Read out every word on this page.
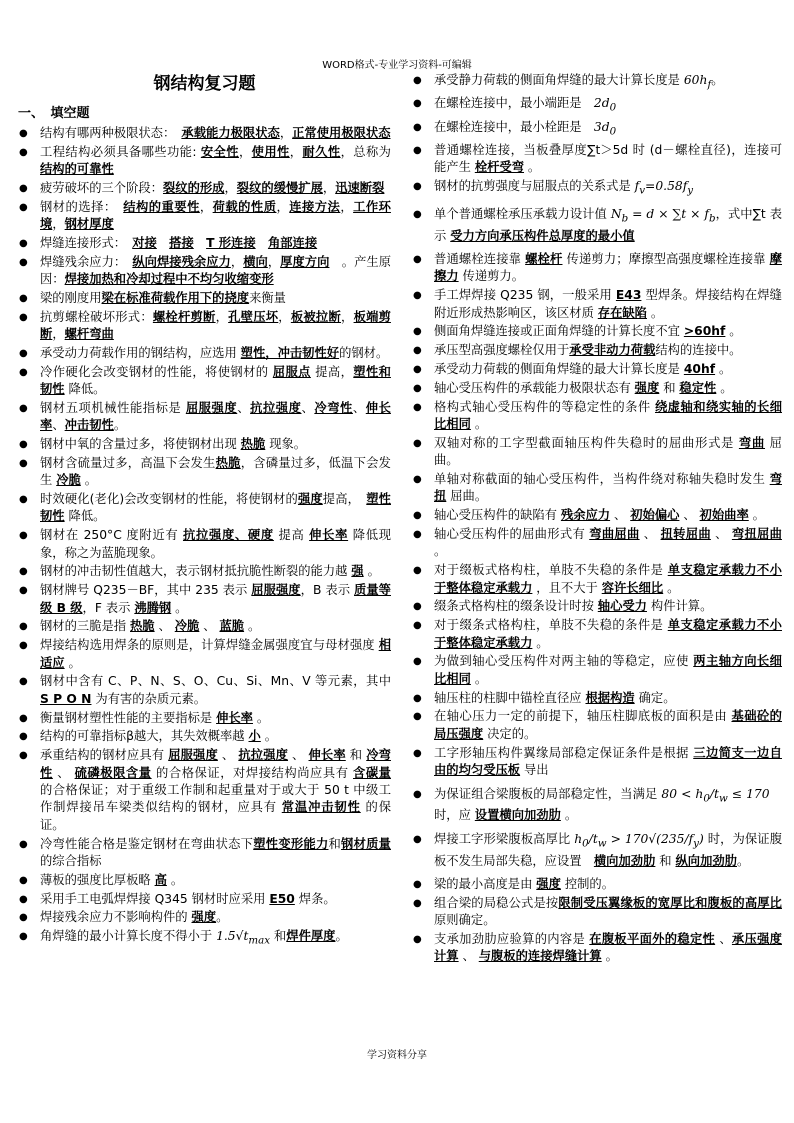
WORD格式-专业学习资料-可编辑
钢结构复习题
一、　填空题
● 结构有哪两种极限状态：　承载能力极限状态，正常使用极限状态
● 工程结构必须具备哪些功能: 安全性，使用性，耐久性，总称为结构的可靠性
● 疲劳破坏的三个阶段：裂纹的形成，裂纹的缓慢扩展，迅速断裂
● 钢材的选择：　结构的重要性，荷载的性质，连接方法，工作环境，钢材厚度
● 焊缝连接形式：　对接　 搭接　 T 形连接　 角部连接
● 焊缝残余应力：　纵向焊接残余应力，横向，厚度方向　。产生原因：焊接加热和冷却过程中不均匀收缩变形
● 梁的刚度用梁在标准荷载作用下的挠度来衡量
● 抗剪螺栓破坏形式：螺栓杆剪断，孔壁压坏，板被拉断，板端剪断，螺杆弯曲
● 承受动力荷载作用的钢结构，应选用 塑性，冲击韧性好的钢材。
● 冷作硬化会改变钢材的性能，将使钢材的 屈服点 提高，塑性和韧性 降低。
● 钢材五项机械性能指标是 屈服强度、抗拉强度、冷弯性、伸长率、冲击韧性。
● 钢材中氧的含量过多，将使钢材出现 热脆 现象。
● 钢材含硫量过多，高温下会发生热脆，含磷量过多，低温下会发生 冷脆 。
● 时效硬化(老化)会改变钢材的性能，将使钢材的强度提高，　塑性韧性 降低。
● 钢材在 250°C 度附近有 抗拉强度、硬度 提高 伸长率 降低现象，称之为蓝脆现象。
● 钢材的冲击韧性值越大，表示钢材抵抗脆性断裂的能力越 强 。
● 钢材牌号 Q235－BF，其中 235 表示 屈服强度，B 表示 质量等级 B 级，F 表示 沸腾钢 。
● 钢材的三脆是指 热脆 、 冷脆 、 蓝脆 。
● 焊接结构选用焊条的原则是，计算焊缝金属强度宜与母材强度 相适应 。
● 钢材中含有 C、P、N、S、O、Cu、Si、Mn、V 等元素，其中 S P O N 为有害的杂质元素。
● 衡量钢材塑性性能的主要指标是 伸长率 。
● 结构的可靠指标β越大，其失效概率越 小 。
● 承重结构的钢材应具有 屈服强度 、 抗拉强度 、 伸长率 和 冷弯性 、 硫磷极限含量 的合格保证，对焊接结构尚应具有 含碳量 的合格保证；对于重级工作制和起重量对于或大于 50 t 中级工作制焊接吊车梁类似结构的钢材，应具有 常温冲击韧性 的保证。
● 冷弯性能合格是鉴定钢材在弯曲状态下塑性变形能力和钢材质量 的综合指标
● 薄板的强度比厚板略 高 。
● 采用手工电弧焊焊接 Q345 钢材时应采用 E50 焊条。
● 焊接残余应力不影响构件的 强度。
● 角焊缝的最小计算长度不得小于 $1.5√t_{max}$ 和焊件厚度。
● 承受静力荷载的侧面角焊缝的最大计算长度是 $60h_f$。
● 在螺栓连接中，最小端距是　$2d_0$
● 在螺栓连接中，最小栓距是　$3d_0$
● 普通螺栓连接，当板叠厚度∑t＞5d 时 (d－螺栓直径)，连接可能产生 栓杆受弯 。
● 钢材的抗剪强度与屈服点的关系式是 $f_v=0.58f_y$
● 单个普通螺栓承压承载力设计值 $N_b = d \times \sum t \times f_b$，式中∑t 表示 受力方向承压构件总厚度的最小值
● 普通螺栓连接靠 螺栓杆 传递剪力；摩擦型高强度螺栓连接靠 摩擦力 传递剪力。
● 手工焊焊接 Q235 钢，一般采用 E43 型焊条。焊接结构在焊缝附近形成热影响区，该区材质 存在缺陷 。
● 侧面角焊缝连接或正面角焊缝的计算长度不宜 >60hf 。
● 承压型高强度螺栓仅用于承受非动力荷载结构的连接中。
● 承受动力荷载的侧面角焊缝的最大计算长度是 40hf 。
● 轴心受压构件的承载能力极限状态有 强度 和 稳定性 。
● 格构式轴心受压构件的等稳定性的条件 绕虚轴和绕实轴的长细比相同 。
● 双轴对称的工字型截面轴压构件失稳时的屈曲形式是 弯曲 屈曲。
● 单轴对称截面的轴心受压构件，当构件绕对称轴失稳时发生 弯扭 屈曲。
● 轴心受压构件的缺陷有 残余应力 、 初始偏心 、 初始曲率 。
● 轴心受压构件的屈曲形式有 弯曲屈曲 、 扭转屈曲 、 弯扭屈曲 。
● 对于缀板式格构柱，单肢不失稳的条件是 单支稳定承载力不小于整体稳定承载力 ，且不大于 容许长细比 。
● 缀条式格构柱的缀条设计时按 轴心受力 构件计算。
● 对于缀条式格构柱，单肢不失稳的条件是 单支稳定承载力不小于整体稳定承载力 。
● 为做到轴心受压构件对两主轴的等稳定，应使 两主轴方向长细比相同 。
● 轴压柱的柱脚中锚栓直径应 根据构造 确定。
● 在轴心压力一定的前提下，轴压柱脚底板的面积是由 基础砼的局压强度 决定的。
● 工字形轴压构件翼缘局部稳定保证条件是根据 三边简支一边自由的均匀受压板 导出
● 为保证组合梁腹板的局部稳定性，当满足 $80 < h_0/t_w \le 170$　时，应 设置横向加劲肋 。
● 焊接工字形梁腹板高厚比 $h_0/t_w > 170√(235/f_y)$ 时，为保证腹板不发生局部失稳，应设置　横向加劲肋 和 纵向加劲肋。
● 梁的最小高度是由 强度 控制的。
● 组合梁的局稳公式是按限制受压翼缘板的宽厚比和腹板的高厚比 原则确定。
● 支承加劲肋应验算的内容是 在腹板平面外的稳定性 、承压强度计算 、 与腹板的连接焊缝计算 。
学习资料分享
